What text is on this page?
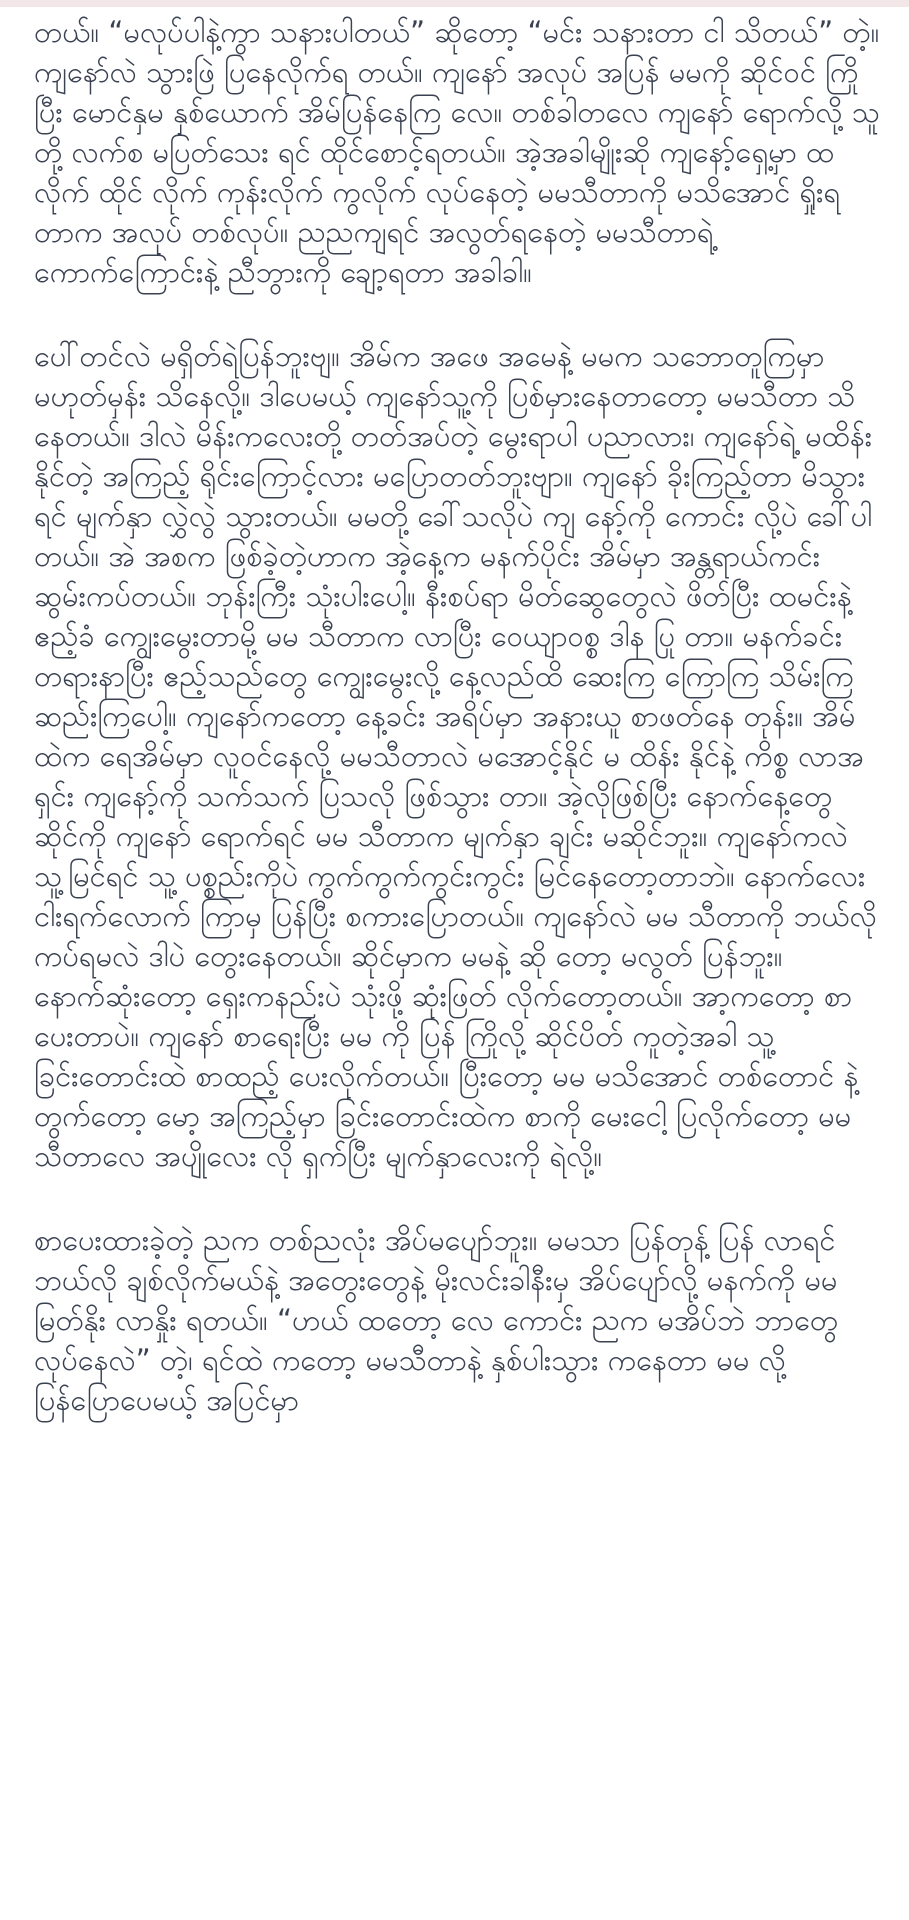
တယ်။ “မလုပ်ပါနဲ့ကွာ သနားပါတယ်” ဆိုတော့ “မင်း သနားတာ ငါ သိတယ်” တဲ့။ ကျနော်လဲ သွားဖြဲ ပြနေလိုက်ရ တယ်။ ကျနော် အလုပ် အပြန် မမကို ဆိုင်ဝင် ကြိုပြီး မောင်နှမ နှစ်ယောက် အိမ်ပြန်နေကြ လေ။ တစ်ခါတလေ ကျနော် ရောက်လို့ သူတို့ လက်စ မပြတ်သေး ရင် ထိုင်စောင့်ရတယ်။ အဲ့အခါမျိုးဆို ကျနော့်ရှေ့မှာ ထလိုက် ထိုင် လိုက် ကုန်းလိုက် ကွလိုက် လုပ်နေတဲ့ မမသီတာကို မသိအောင် ရှိုးရ တာက အလုပ် တစ်လုပ်။ ညညကျရင် အလွတ်ရနေတဲ့ မမသီတာရဲ့ ကောက်ကြောင်းနဲ့ ညီဘွားကို ချော့ရတာ အခါခါ။

ပေါ်တင်လဲ မရှိတ်ရဲပြန်ဘူးဗျ။ အိမ်က အဖေ အမေနဲ့ မမက သဘောတူကြမှာ မဟုတ်မှန်း သိနေလို့။ ဒါပေမယ့် ကျနော်သူ့ကို ပြစ်မှားနေတာတော့ မမသီတာ သိနေတယ်။ ဒါလဲ မိန်းကလေးတို့ တတ်အပ်တဲ့ မွေးရာပါ ပညာလား၊ ကျနော်ရဲ့ မထိန်းနိုင်တဲ့ အကြည့် ရိုင်းကြောင့်လား မပြောတတ်ဘူးဗျာ။ ကျနော် ခိုးကြည့်တာ မိသွား ရင် မျက်နှာ လွှဲလွဲ သွားတယ်။ မမတို့ ခေါ်သလိုပဲ ကျ နော့်ကို ကောင်း လို့ပဲ ခေါ်ပါတယ်။ အဲ အစက ဖြစ်ခဲ့တဲ့ဟာက အဲ့နေ့က မနက်ပိုင်း အိမ်မှာ အန္တရာယ်ကင်း ဆွမ်းကပ်တယ်။ ဘုန်းကြီး သုံးပါးပေါ့။ နီးစပ်ရာ မိတ်ဆွေတွေလဲ ဖိတ်ပြီး ထမင်းနဲ့ ဧည့်ခံ ကျွေးမွေးတာမို့ မမ သီတာက လာပြီး ဝေယျာဝစ္စ ဒါန ပြု တာ။ မနက်ခင်း တရားနာပြီး ဧည့်သည်တွေ ကျွေးမွေးလို့ နေ့လည်ထိ ဆေးကြ ကြောကြ သိမ်းကြ ဆည်းကြပေါ့။ ကျနော်ကတော့ နေ့ခင်း အရိပ်မှာ အနားယူ စာဖတ်နေ တုန်း။ အိမ်ထဲက ရေအိမ်မှာ လူဝင်နေလို့ မမသီတာလဲ မအောင့်နိုင် မ ထိန်း နိုင်နဲ့ ကိစ္စ လာအ ရှင်း ကျနော့်ကို သက်သက် ပြသလို ဖြစ်သွား တာ။ အဲ့လိုဖြစ်ပြီး နောက်နေ့တွေ ဆိုင်ကို ကျနော် ရောက်ရင် မမ သီတာက မျက်နှာ ချင်း မဆိုင်ဘူး။ ကျနော်ကလဲ သူ့မြင်ရင် သူ့ ပစ္စည်းကိုပဲ ကွက်ကွက်ကွင်းကွင်း မြင်နေတော့တာဘဲ။ နောက်လေး ငါးရက်လောက် ကြာမှ ပြန်ပြီး စကားပြောတယ်။ ကျနော်လဲ မမ သီတာကို ဘယ်လို ကပ်ရမလဲ ဒါပဲ တွေးနေတယ်။ ဆိုင်မှာက မမနဲ့ ဆို တော့ မလွတ် ပြန်ဘူး။ နောက်ဆုံးတော့ ရှေးကနည်းပဲ သုံးဖို့ ဆုံးဖြတ် လိုက်တော့တယ်။ အာ့ကတော့ စာပေးတာပဲ။ ကျနော် စာရေးပြီး မမ ကို ပြန် ကြိုလို့ ဆိုင်ပိတ် ကူတဲ့အခါ သူ့ခြင်းတောင်းထဲ စာထည့် ပေးလိုက်တယ်။ ပြီးတော့ မမ မသိအောင် တစ်တောင် နဲ့ တွက်တော့ မော့ အကြည့်မှာ ခြင်းတောင်းထဲက စာကို မေးငေါ့ ပြလိုက်တော့ မမ သီတာလေ အပျိုလေး လို ရှက်ပြီး မျက်နှာလေးကို ရဲလို့။

စာပေးထားခဲ့တဲ့ ညက တစ်ညလုံး အိပ်မပျော်ဘူး။ မမသာ ပြန်တုန့် ပြန် လာရင် ဘယ်လို ချစ်လိုက်မယ်နဲ့ အတွေးတွေနဲ့ မိုးလင်းခါနီးမှ အိပ်ပျော်လို့ မနက်ကို မမမြတ်နိုး လာနှိုး ရတယ်။ “ဟယ် ထတော့ လေ ကောင်း ညက မအိပ်ဘဲ ဘာတွေ လုပ်နေလဲ” တဲ့၊ ရင်ထဲ ကတော့ မမသီတာနဲ့ နှစ်ပါးသွား ကနေတာ မမ လို့ ပြန်ပြောပေမယ့် အပြင်မှာ
